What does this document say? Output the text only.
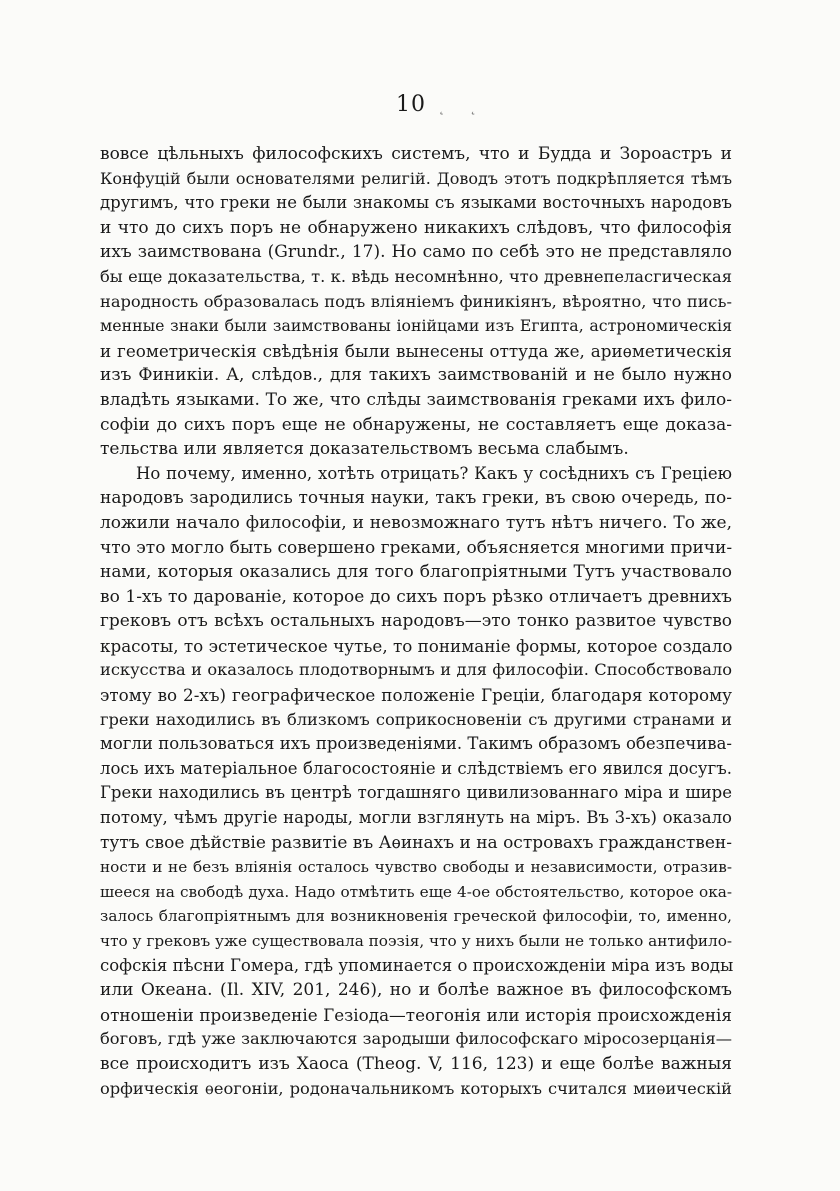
10 ˛ ˛
вовсе цѣльныхъ философскихъ системъ, что и Будда и Зороастръ и
Конфуцій были основателями религій. Доводъ этотъ подкрѣпляется тѣмъ
другимъ, что греки не были знакомы съ языками восточныхъ народовъ
и что до сихъ поръ не обнаружено никакихъ слѣдовъ, что философія
ихъ заимствована (Grundr., 17). Но само по себѣ это не представляло
бы еще доказательства, т. к. вѣдь несомнѣнно, что древнепеласгическая
народность образовалась подъ вліяніемъ финикіянъ, вѣроятно, что пись-
менные знаки были заимствованы іонійцами изъ Египта, астрономическія
и геометрическія свѣдѣнія были вынесены оттуда же, ариѳметическія
изъ Финикіи. А, слѣдов., для такихъ заимствованій и не было нужно
владѣть языками. То же, что слѣды заимствованія греками ихъ фило-
софіи до сихъ поръ еще не обнаружены, не составляетъ еще доказа-
тельства или является доказательствомъ весьма слабымъ.
Но почему, именно, хотѣть отрицать? Какъ у сосѣднихъ съ Греціею
народовъ зародились точныя науки, такъ греки, въ свою очередь, по-
ложили начало философіи, и невозможнаго тутъ нѣтъ ничего. То же,
что это могло быть совершено греками, объясняется многими причи-
нами, которыя оказались для того благопріятными Тутъ участвовало
во 1-хъ то дарованіе, которое до сихъ поръ рѣзко отличаетъ древнихъ
грековъ отъ всѣхъ остальныхъ народовъ—это тонко развитое чувство
красоты, то эстетическое чутье, то пониманіе формы, которое создало
искусства и оказалось плодотворнымъ и для философіи. Способствовало
этому во 2-хъ) географическое положеніе Греціи, благодаря которому
греки находились въ близкомъ соприкосновеніи съ другими странами и
могли пользоваться ихъ произведеніями. Такимъ образомъ обезпечива-
лось ихъ матеріальное благосостояніе и слѣдствіемъ его явился досугъ.
Греки находились въ центрѣ тогдашняго цивилизованнаго міра и шире
потому, чѣмъ другіе народы, могли взглянуть на міръ. Въ 3-хъ) оказало
тутъ свое дѣйствіе развитіе въ Аѳинахъ и на островахъ гражданствен-
ности и не безъ вліянія осталось чувство свободы и независимости, отразив-
шееся на свободѣ духа. Надо отмѣтить еще 4-ое обстоятельство, которое ока-
залось благопріятнымъ для возникновенія греческой философіи, то, именно,
что у грековъ уже существовала поэзія, что у нихъ были не только антифило-
софскія пѣсни Гомера, гдѣ упоминается о происхожденіи міра изъ воды
или Океана. (Il. XIV, 201, 246), но и болѣе важное въ философскомъ
отношеніи произведеніе Гезіода—теогонія или исторія происхожденія
боговъ, гдѣ уже заключаются зародыши философскаго міросозерцанія—
все происходитъ изъ Хаоса (Theog. V, 116, 123) и еще болѣе важныя
орфическія ѳеогоніи, родоначальникомъ которыхъ считался миѳическій
